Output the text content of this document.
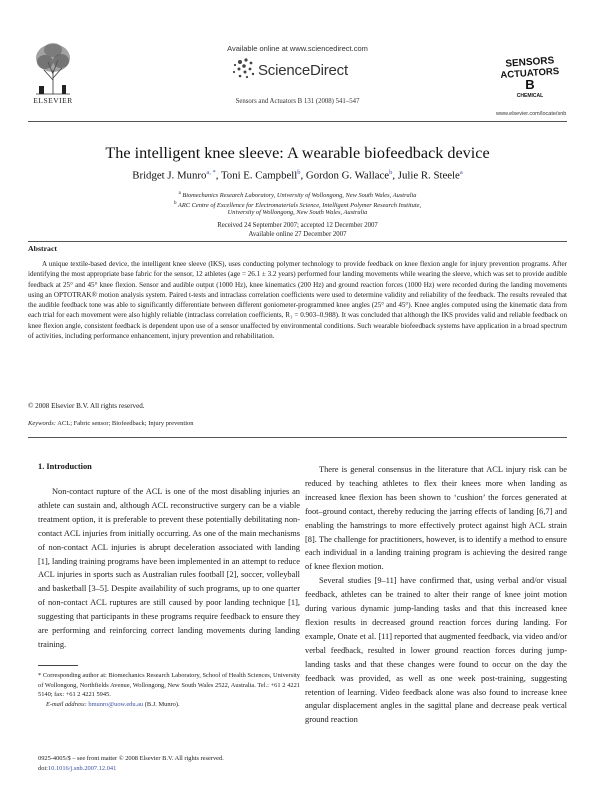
Available online at www.sciencedirect.com
ScienceDirect
Sensors and Actuators B 131 (2008) 541–547
ELSEVIER
SENSORS
ACTUATORS
B
CHEMICAL
www.elsevier.com/locate/snb
The intelligent knee sleeve: A wearable biofeedback device
Bridget J. Munro$^{a, *}$, Toni E. Campbell$^b$, Gordon G. Wallace$^b$, Julie R. Steele$^a$
$^a$ Biomechanics Research Laboratory, University of Wollongong, New South Wales, Australia
$^b$ ARC Centre of Excellence for Electromaterials Science, Intelligent Polymer Research Institute,
University of Wollongong, New South Wales, Australia
Received 24 September 2007; accepted 12 December 2007
Available online 27 December 2007
Abstract
A unique textile-based device, the intelligent knee sleeve (IKS), uses conducting polymer technology to provide feedback on knee flexion angle for injury prevention programs. After identifying the most appropriate base fabric for the sensor, 12 athletes (age = 26.1 ± 3.2 years) performed four landing movements while wearing the sleeve, which was set to provide audible feedback at 25° and 45° knee flexion. Sensor and audible output (1000 Hz), knee kinematics (200 Hz) and ground reaction forces (1000 Hz) were recorded during the landing movements using an OPTOTRAK® motion analysis system. Paired t-tests and intraclass correlation coefficients were used to determine validity and reliability of the feedback. The results revealed that the audible feedback tone was able to significantly differentiate between different goniometer-programmed knee angles (25° and 45°). Knee angles computed using the kinematic data from each trial for each movement were also highly reliable (intraclass correlation coefficients, R₁ = 0.903–0.988). It was concluded that although the IKS provides valid and reliable feedback on knee flexion angle, consistent feedback is dependent upon use of a sensor unaffected by environmental conditions. Such wearable biofeedback systems have application in a broad spectrum of activities, including performance enhancement, injury prevention and rehabilitation.
© 2008 Elsevier B.V. All rights reserved.
Keywords: ACL; Fabric sensor; Biofeedback; Injury prevention
1. Introduction

Non-contact rupture of the ACL is one of the most disabling injuries an athlete can sustain and, although ACL reconstructive surgery can be a viable treatment option, it is preferable to prevent these potentially debilitating non-contact ACL injuries from initially occurring. As one of the main mechanisms of non-contact ACL injuries is abrupt deceleration associated with landing [1], landing training programs have been implemented in an attempt to reduce ACL injuries in sports such as Australian rules football [2], soccer, volleyball and basketball [3–5]. Despite availability of such programs, up to one quarter of non-contact ACL ruptures are still caused by poor landing technique [1], suggesting that participants in these programs require feedback to ensure they are performing and reinforcing correct landing movements during landing training.

There is general consensus in the literature that ACL injury risk can be reduced by teaching athletes to flex their knees more when landing as increased knee flexion has been shown to ‘cushion’ the forces generated at foot–ground contact, thereby reducing the jarring effects of landing [6,7] and enabling the hamstrings to more effectively protect against high ACL strain [8]. The challenge for practitioners, however, is to identify a method to ensure each individual in a landing training program is achieving the desired range of knee flexion motion.

Several studies [9–11] have confirmed that, using verbal and/or visual feedback, athletes can be trained to alter their range of knee joint motion during various dynamic jump-landing tasks and that this increased knee flexion results in decreased ground reaction forces during landing. For example, Onate et al. [11] reported that augmented feedback, via video and/or verbal feedback, resulted in lower ground reaction forces during jump-landing tasks and that these changes were found to occur on the day the feedback was provided, as well as one week post-training, suggesting retention of learning. Video feedback alone was also found to increase knee angular displacement angles in the sagittal plane and decrease peak vertical ground reaction

* Corresponding author at: Biomechanics Research Laboratory, School of Health Sciences, University of Wollongong, Northfields Avenue, Wollongong, New South Wales 2522, Australia. Tel.: +61 2 4221 5140; fax: +61 2 4221 5945.
E-mail address: bmunro@uow.edu.au (B.J. Munro).
0925-4005/$ – see front matter © 2008 Elsevier B.V. All rights reserved.
doi:10.1016/j.snb.2007.12.041
